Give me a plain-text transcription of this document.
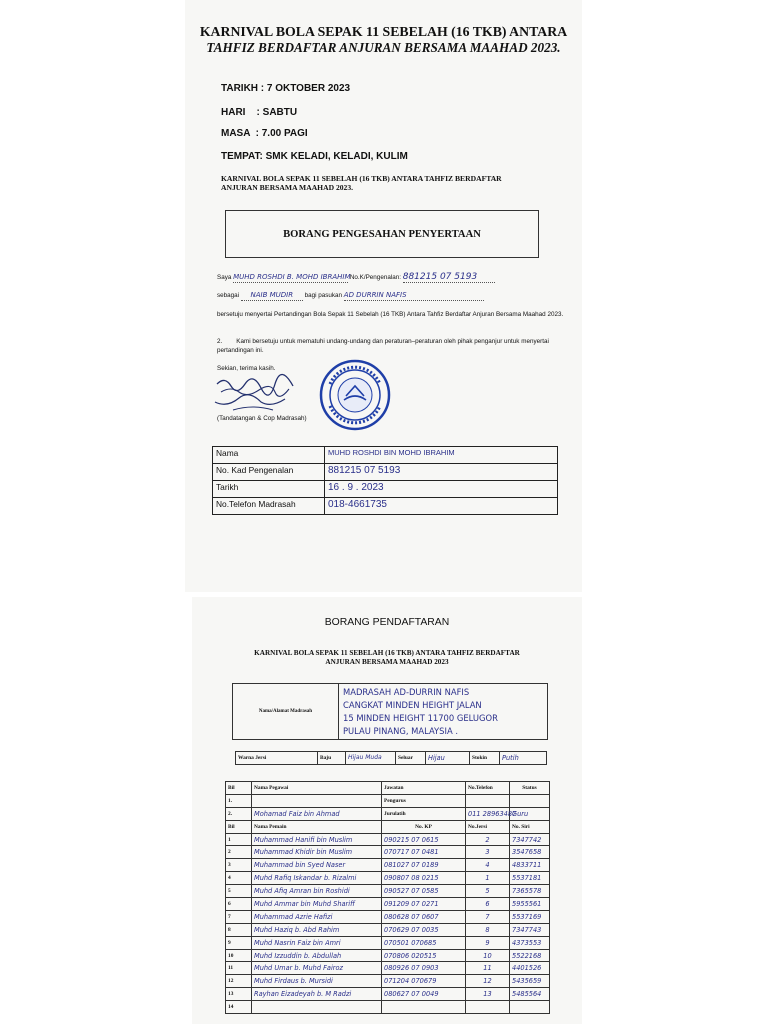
KARNIVAL BOLA SEPAK 11 SEBELAH (16 TKB) ANTARA
TAHFIZ BERDAFTAR ANJURAN BERSAMA MAAHAD 2023.
TARIKH : 7 OKTOBER 2023
HARI    : SABTU
MASA  : 7.00 PAGI
TEMPAT: SMK KELADI, KELADI, KULIM
KARNIVAL BOLA SEPAK 11 SEBELAH (16 TKB) ANTARA TAHFIZ BERDAFTAR
ANJURAN BERSAMA MAAHAD 2023.
BORANG PENGESAHAN PENYERTAAN
Saya MUHD ROSHDI B. MOHD IBRAHIM No.K/Pengenalan: 881215 07 5193
sebagai NAIB MUDIR bagi pasukan AD DURRIN NAFIS
bersetuju menyertai Pertandingan Bola Sepak 11 Sebelah (16 TKB) Antara Tahfiz Berdaftar Anjuran Bersama Maahad 2023.
2.        Kami bersetuju untuk mematuhi undang-undang dan peraturan–peraturan oleh pihak penganjur untuk menyertai pertandingan ini.
Sekian, terima kasih.
(Tandatangan & Cop Madrasah)
Nama	MUHD ROSHDI BIN MOHD IBRAHIM
No. Kad Pengenalan	881215 07 5193
Tarikh	16 . 9 . 2023
No.Telefon Madrasah	018-4661735
BORANG PENDAFTARAN
KARNIVAL BOLA SEPAK 11 SEBELAH (16 TKB) ANTARA TAHFIZ BERDAFTAR
ANJURAN BERSAMA MAAHAD 2023
Nama/Alamat Madrasah
MADRASAH AD-DURRIN NAFIS
CANGKAT MINDEN HEIGHT JALAN
15 MINDEN HEIGHT 11700 GELUGOR
PULAU PINANG, MALAYSIA .
Warna Jersi	Baju	Hijau Muda	Seluar	Hijau	Stokin	Putih
Bil	Nama Pegawai	Jawatan	No.Telefon	Status
1.		Pengurus		
2.	Mohamad Faiz bin Ahmad	Jurulatih	011 28963487	Guru
Bil	Nama Pemain	No. KP	No.Jersi	No. Siri
1	Muhammad Hanifi bin Muslim	090215 07 0615	2	7347742
2	Muhammad Khidir bin Muslim	070717 07 0481	3	3547658
3	Muhammad bin Syed Naser	081027 07 0189	4	4833711
4	Muhd Rafiq Iskandar b. Rizalmi	090807 08 0215	1	5537181
5	Muhd Afiq Amran bin Roshidi	090527 07 0585	5	7365578
6	Muhd Ammar bin Muhd Shariff	091209 07 0271	6	5955561
7	Muhammad Azrie Hafizi	080628 07 0607	7	5537169
8	Muhd Haziq b. Abd Rahim	070629 07 0035	8	7347743
9	Muhd Nasrin Faiz bin Amri	070501 070685	9	4373553
10	Muhd Izzuddin b. Abdullah	070806 020515	10	5522168
11	Muhd Umar b. Muhd Fairoz	080926 07 0903	11	4401526
12	Muhd Firdaus b. Mursidi	071204 070679	12	5435659
13	Rayhan Eizadeyah b. M Radzi	080627 07 0049	13	5485564
14				
